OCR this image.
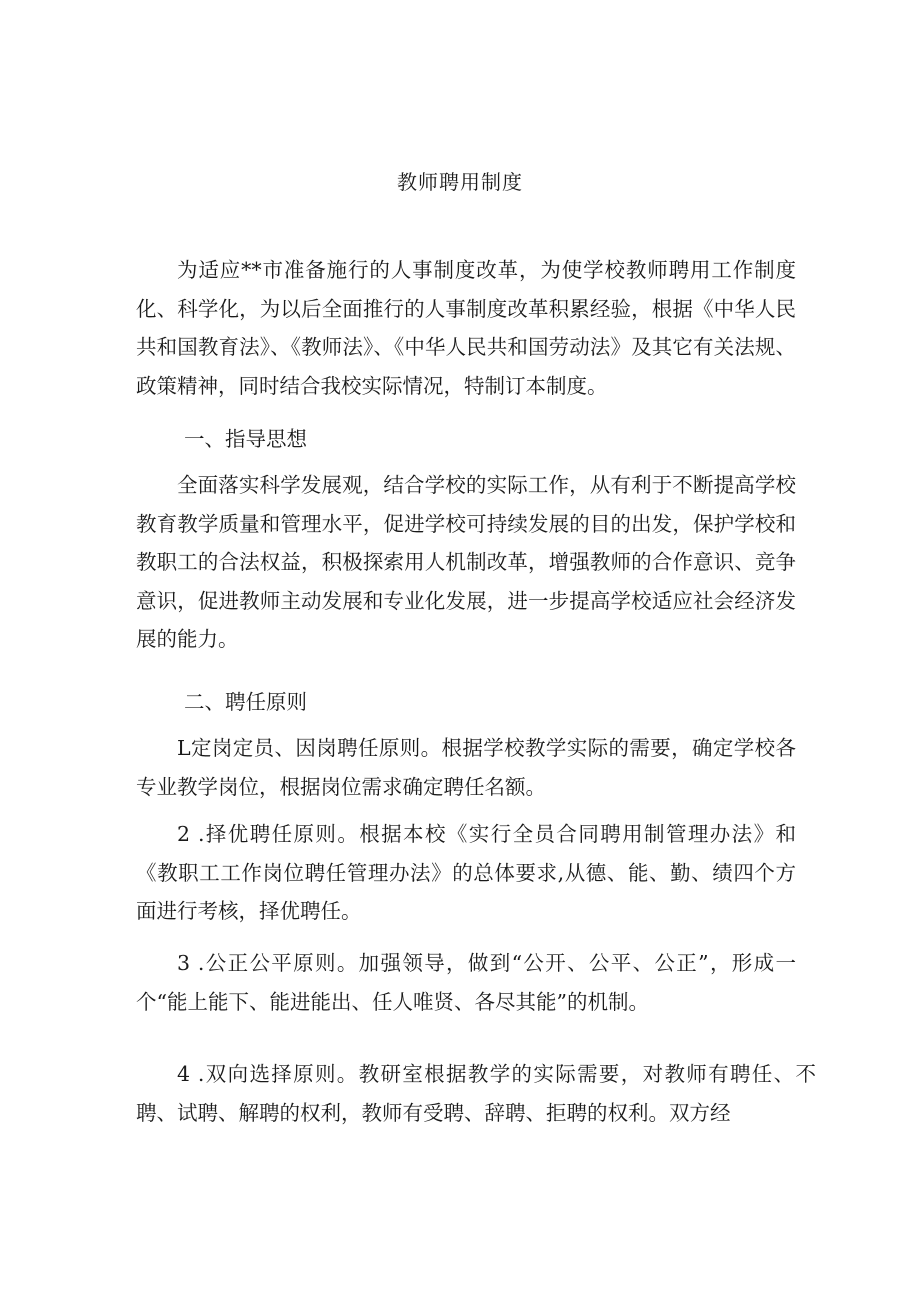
教师聘用制度

为适应**市准备施行的人事制度改革，为使学校教师聘用工作制度化、科学化，为以后全面推行的人事制度改革积累经验，根据《中华人民共和国教育法》、《教师法》、《中华人民共和国劳动法》及其它有关法规、政策精神，同时结合我校实际情况，特制订本制度。

一、指导思想

全面落实科学发展观，结合学校的实际工作，从有利于不断提高学校教育教学质量和管理水平，促进学校可持续发展的目的出发，保护学校和教职工的合法权益，积极探索用人机制改革，增强教师的合作意识、竞争意识，促进教师主动发展和专业化发展，进一步提高学校适应社会经济发展的能力。

二、聘任原则

L定岗定员、因岗聘任原则。根据学校教学实际的需要，确定学校各专业教学岗位，根据岗位需求确定聘任名额。

2 .择优聘任原则。根据本校《实行全员合同聘用制管理办法》和《教职工工作岗位聘任管理办法》的总体要求,从德、能、勤、绩四个方面进行考核，择优聘任。

3 .公正公平原则。加强领导，做到“公开、公平、公正”，形成一个“能上能下、能进能出、任人唯贤、各尽其能”的机制。

4 .双向选择原则。教研室根据教学的实际需要，对教师有聘任、不聘、试聘、解聘的权利，教师有受聘、辞聘、拒聘的权利。双方经
